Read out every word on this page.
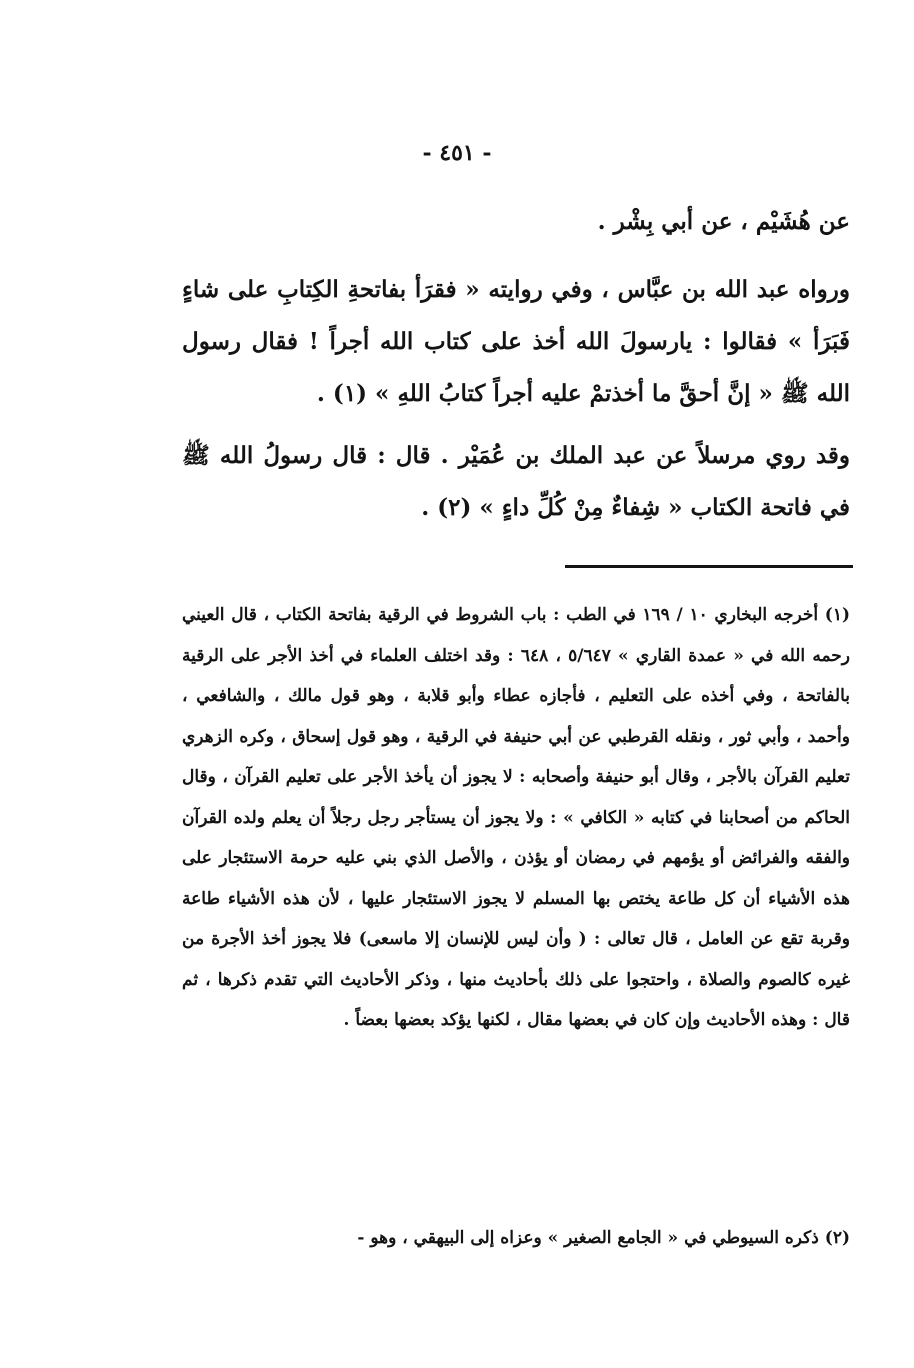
- ٤٥١ -
عن هُشَيْم ، عن أبي بِشْر .
ورواه عبد الله بن عبَّاس ، وفي روايته « فقرَأ بفاتحةِ الكِتابِ على شاءٍ فَبَرَأ » فقالوا : يارسولَ الله أخذ على كتاب الله أجراً ! فقال رسول الله ﷺ « إنَّ أحقَّ ما أخذتمْ عليه أجراً كتابُ اللهِ » (١) .
وقد روي مرسلاً عن عبد الملك بن عُمَيْر . قال : قال رسولُ الله ﷺ في فاتحة الكتاب « شِفاءٌ مِنْ كُلِّ داءٍ » (٢) .
(١) أخرجه البخاري ١٠ / ١٦٩ في الطب : باب الشروط في الرقية بفاتحة الكتاب ، قال العيني رحمه الله في « عمدة القاري » ٥/٦٤٧ ، ٦٤٨ : وقد اختلف العلماء في أخذ الأجر على الرقية بالفاتحة ، وفي أخذه على التعليم ، فأجازه عطاء وأبو قلابة ، وهو قول مالك ، والشافعي ، وأحمد ، وأبي ثور ، ونقله القرطبي عن أبي حنيفة في الرقية ، وهو قول إسحاق ، وكره الزهري تعليم القرآن بالأجر ، وقال أبو حنيفة وأصحابه : لا يجوز أن يأخذ الأجر على تعليم القرآن ، وقال الحاكم من أصحابنا في كتابه « الكافي » : ولا يجوز أن يستأجر رجل رجلاً أن يعلم ولده القرآن والفقه والفرائض أو يؤمهم في رمضان أو يؤذن ، والأصل الذي بني عليه حرمة الاستئجار على هذه الأشياء أن كل طاعة يختص بها المسلم لا يجوز الاستئجار عليها ، لأن هذه الأشياء طاعة وقربة تقع عن العامل ، قال تعالى : ( وأن ليس للإنسان إلا ماسعى) فلا يجوز أخذ الأجرة من غيره كالصوم والصلاة ، واحتجوا على ذلك بأحاديث منها ، وذكر الأحاديث التي تقدم ذكرها ، ثم قال : وهذه الأحاديث وإن كان في بعضها مقال ، لكنها يؤكد بعضها بعضاً .
(٢) ذكره السيوطي في « الجامع الصغير » وعزاه إلى البيهقي ، وهو -
